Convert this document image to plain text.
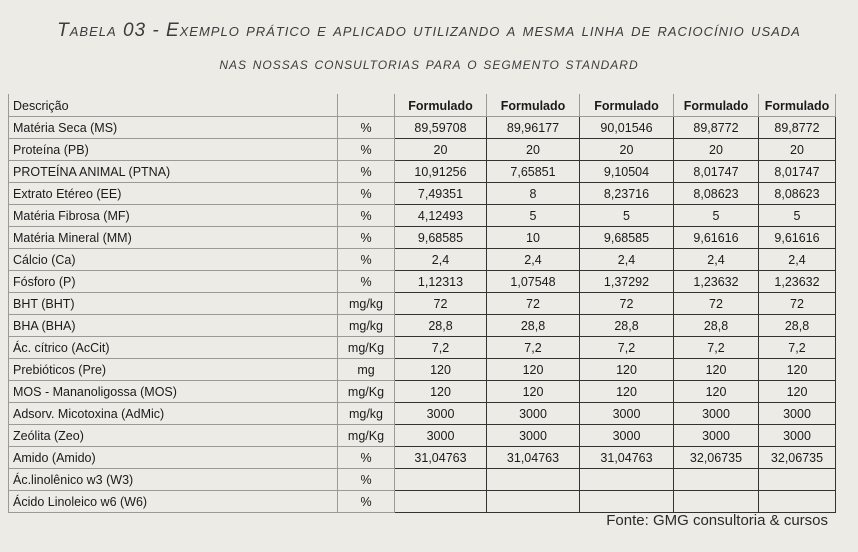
Tabela 03 - Exemplo prático e aplicado utilizando a mesma linha de raciocínio usada
nas nossas consultorias para o segmento standard
Descrição		Formulado	Formulado	Formulado	Formulado	Formulado
Matéria Seca (MS)	%	89,59708	89,96177	90,01546	89,8772	89,8772
Proteína (PB)	%	20	20	20	20	20
PROTEÍNA ANIMAL (PTNA)	%	10,91256	7,65851	9,10504	8,01747	8,01747
Extrato Etéreo (EE)	%	7,49351	8	8,23716	8,08623	8,08623
Matéria Fibrosa (MF)	%	4,12493	5	5	5	5
Matéria Mineral (MM)	%	9,68585	10	9,68585	9,61616	9,61616
Cálcio (Ca)	%	2,4	2,4	2,4	2,4	2,4
Fósforo (P)	%	1,12313	1,07548	1,37292	1,23632	1,23632
BHT (BHT)	mg/kg	72	72	72	72	72
BHA (BHA)	mg/kg	28,8	28,8	28,8	28,8	28,8
Ác. cítrico (AcCit)	mg/Kg	7,2	7,2	7,2	7,2	7,2
Prebióticos (Pre)	mg	120	120	120	120	120
MOS - Mananoligossa (MOS)	mg/Kg	120	120	120	120	120
Adsorv. Micotoxina (AdMic)	mg/kg	3000	3000	3000	3000	3000
Zeólita (Zeo)	mg/Kg	3000	3000	3000	3000	3000
Amido (Amido)	%	31,04763	31,04763	31,04763	32,06735	32,06735
Ác.linolênico w3 (W3)	%					
Ácido Linoleico w6 (W6)	%					
Fonte: GMG consultoria & cursos
